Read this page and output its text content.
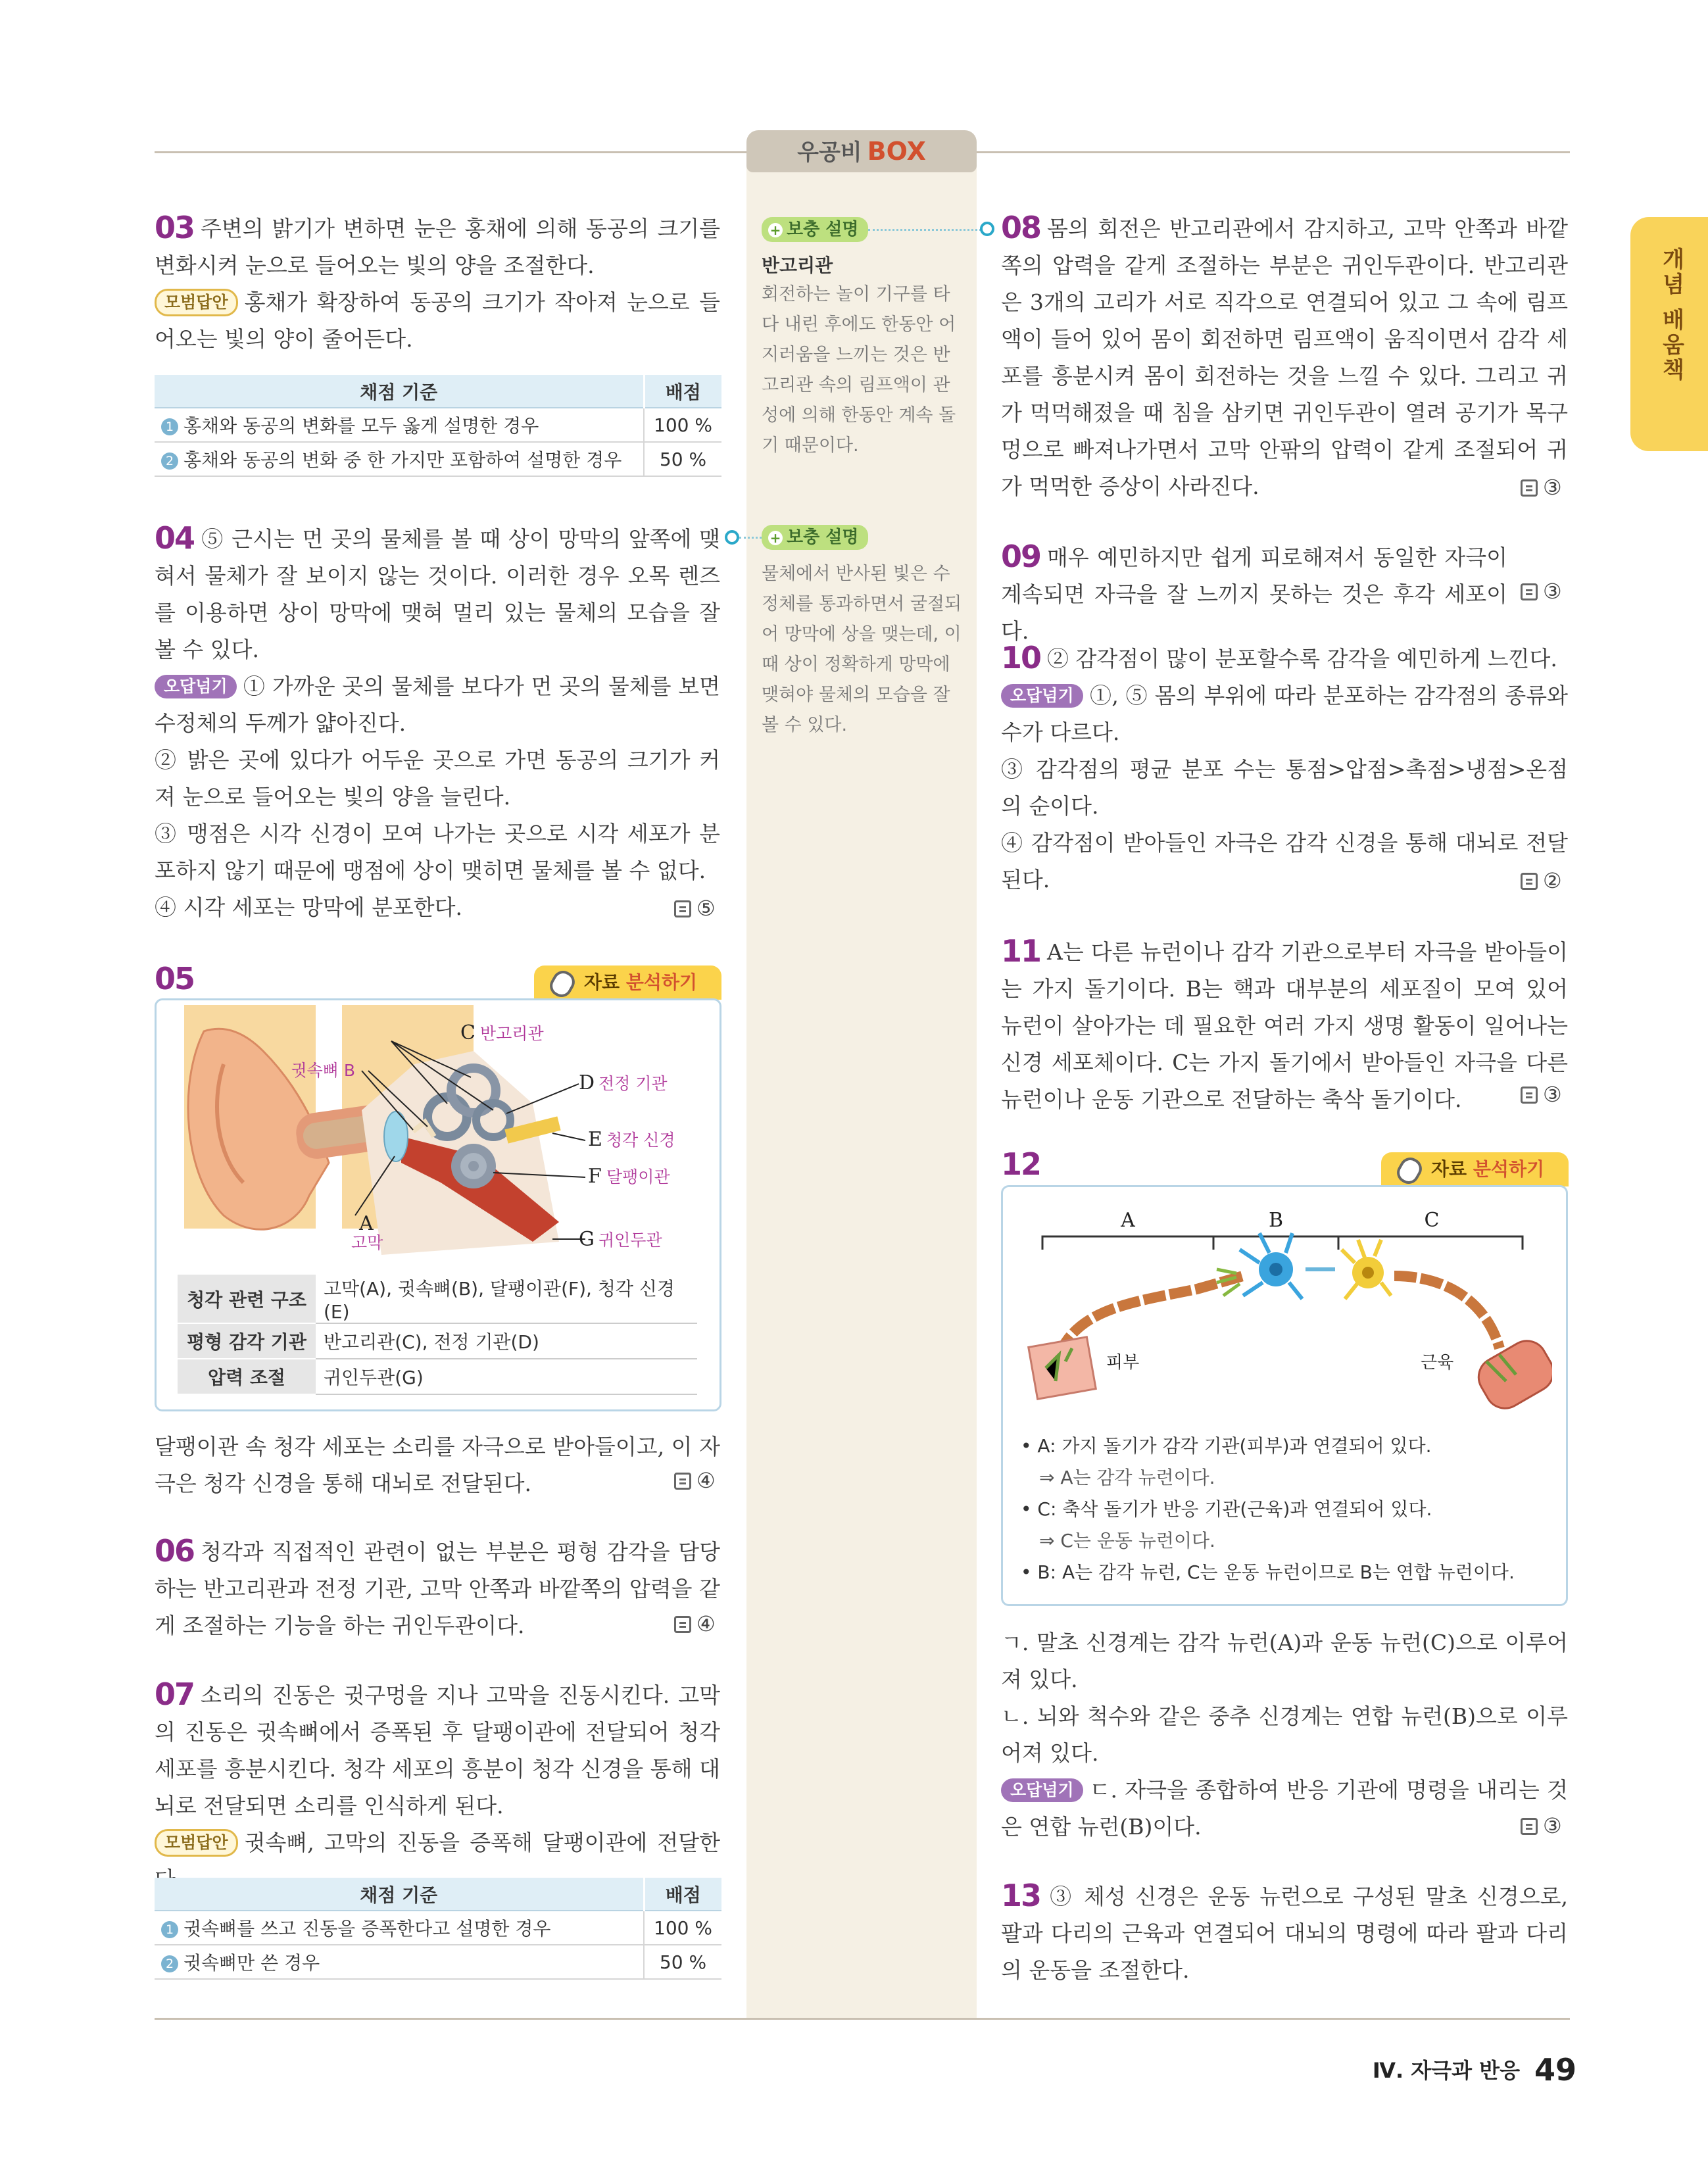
우공비 BOX
개념 배움책
03 주변의 밝기가 변하면 눈은 홍채에 의해 동공의 크기를 변화시켜 눈으로 들어오는 빛의 양을 조절한다.
모범답안 홍채가 확장하여 동공의 크기가 작아져 눈으로 들어오는 빛의 양이 줄어든다.
채점 기준	배점
1 홍채와 동공의 변화를 모두 옳게 설명한 경우	100 %
2 홍채와 동공의 변화 중 한 가지만 포함하여 설명한 경우	50 %
04 ⑤ 근시는 먼 곳의 물체를 볼 때 상이 망막의 앞쪽에 맺혀서 물체가 잘 보이지 않는 것이다. 이러한 경우 오목 렌즈를 이용하면 상이 망막에 맺혀 멀리 있는 물체의 모습을 잘 볼 수 있다.
오답넘기 ① 가까운 곳의 물체를 보다가 먼 곳의 물체를 보면 수정체의 두께가 얇아진다.
② 밝은 곳에 있다가 어두운 곳으로 가면 동공의 크기가 커져 눈으로 들어오는 빛의 양을 늘린다.
③ 맹점은 시각 신경이 모여 나가는 곳으로 시각 세포가 분포하지 않기 때문에 맹점에 상이 맺히면 물체를 볼 수 없다.
④ 시각 세포는 망막에 분포한다.	⑤
05	자료 분석하기
귓속뼈 B
C 반고리관
D 전정 기관
E 청각 신경
F 달팽이관
A
고막	G 귀인두관
청각 관련 구조	고막(A), 귓속뼈(B), 달팽이관(F), 청각 신경(E)
평형 감각 기관	반고리관(C), 전정 기관(D)
압력 조절	귀인두관(G)
달팽이관 속 청각 세포는 소리를 자극으로 받아들이고, 이 자극은 청각 신경을 통해 대뇌로 전달된다.	④
06 청각과 직접적인 관련이 없는 부분은 평형 감각을 담당하는 반고리관과 전정 기관, 고막 안쪽과 바깥쪽의 압력을 같게 조절하는 기능을 하는 귀인두관이다.	④
07 소리의 진동은 귓구멍을 지나 고막을 진동시킨다. 고막의 진동은 귓속뼈에서 증폭된 후 달팽이관에 전달되어 청각 세포를 흥분시킨다. 청각 세포의 흥분이 청각 신경을 통해 대뇌로 전달되면 소리를 인식하게 된다.
모범답안 귓속뼈, 고막의 진동을 증폭해 달팽이관에 전달한
채점 기준	배점
1 귓속뼈를 쓰고 진동을 증폭한다고 설명한 경우	100 %
2 귓속뼈만 쓴 경우	50 %
+ 보충 설명
반고리관
회전하는 놀이 기구를 타다 내린 후에도 한동안 어지러움을 느끼는 것은 반고리관 속의 림프액이 관성에 의해 한동안 계속 돌기 때문이다.
+ 보충 설명
물체에서 반사된 빛은 수정체를 통과하면서 굴절되어 망막에 상을 맺는데, 이때 상이 정확하게 망막에 맺혀야 물체의 모습을 잘 볼 수 있다.
08 몸의 회전은 반고리관에서 감지하고, 고막 안쪽과 바깥쪽의 압력을 같게 조절하는 부분은 귀인두관이다. 반고리관은 3개의 고리가 서로 직각으로 연결되어 있고 그 속에 림프액이 들어 있어 몸이 회전하면 림프액이 움직이면서 감각 세포를 흥분시켜 몸이 회전하는 것을 느낄 수 있다. 그리고 귀가 먹먹해졌을 때 침을 삼키면 귀인두관이 열려 공기가 목구멍으로 빠져나가면서 고막 안팎의 압력이 같게 조절되어 귀가 먹먹한 증상이 사라진다.	③
09 매우 예민하지만 쉽게 피로해져서 동일한 자극이 계속되면 자극을 잘 느끼지 못하는 것은 후각 세포이다.
③
10 ② 감각점이 많이 분포할수록 감각을 예민하게 느낀다.
오답넘기 ①, ⑤ 몸의 부위에 따라 분포하는 감각점의 종류와 수가 다르다.
③ 감각점의 평균 분포 수는 통점>압점>촉점>냉점>온점의 순이다.
④ 감각점이 받아들인 자극은 감각 신경을 통해 대뇌로 전달된다.	②
11 A는 다른 뉴런이나 감각 기관으로부터 자극을 받아들이는 가지 돌기이다. B는 핵과 대부분의 세포질이 모여 있어 뉴런이 살아가는 데 필요한 여러 가지 생명 활동이 일어나는 신경 세포체이다. C는 가지 돌기에서 받아들인 자극을 다른 뉴런이나 운동 기관으로 전달하는 축삭 돌기이다.	③
12	자료 분석하기
A	B	C
피부	근육
• A: 가지 돌기가 감각 기관(피부)과 연결되어 있다.
⇒ A는 감각 뉴런이다.
• C: 축삭 돌기가 반응 기관(근육)과 연결되어 있다.
⇒ C는 운동 뉴런이다.
• B: A는 감각 뉴런, C는 운동 뉴런이므로 B는 연합 뉴런이다.
ㄱ. 말초 신경계는 감각 뉴런(A)과 운동 뉴런(C)으로 이루어져 있다.
ㄴ. 뇌와 척수와 같은 중추 신경계는 연합 뉴런(B)으로 이루어져 있다.
오답넘기 ㄷ. 자극을 종합하여 반응 기관에 명령을 내리는 것은 연합 뉴런(B)이다.	③
13 ③ 체성 신경은 운동 뉴런으로 구성된 말초 신경으로, 팔과 다리의 근육과 연결되어 대뇌의 명령에 따라 팔과 다리의 운동을 조절한다.
Ⅳ. 자극과 반응 49
